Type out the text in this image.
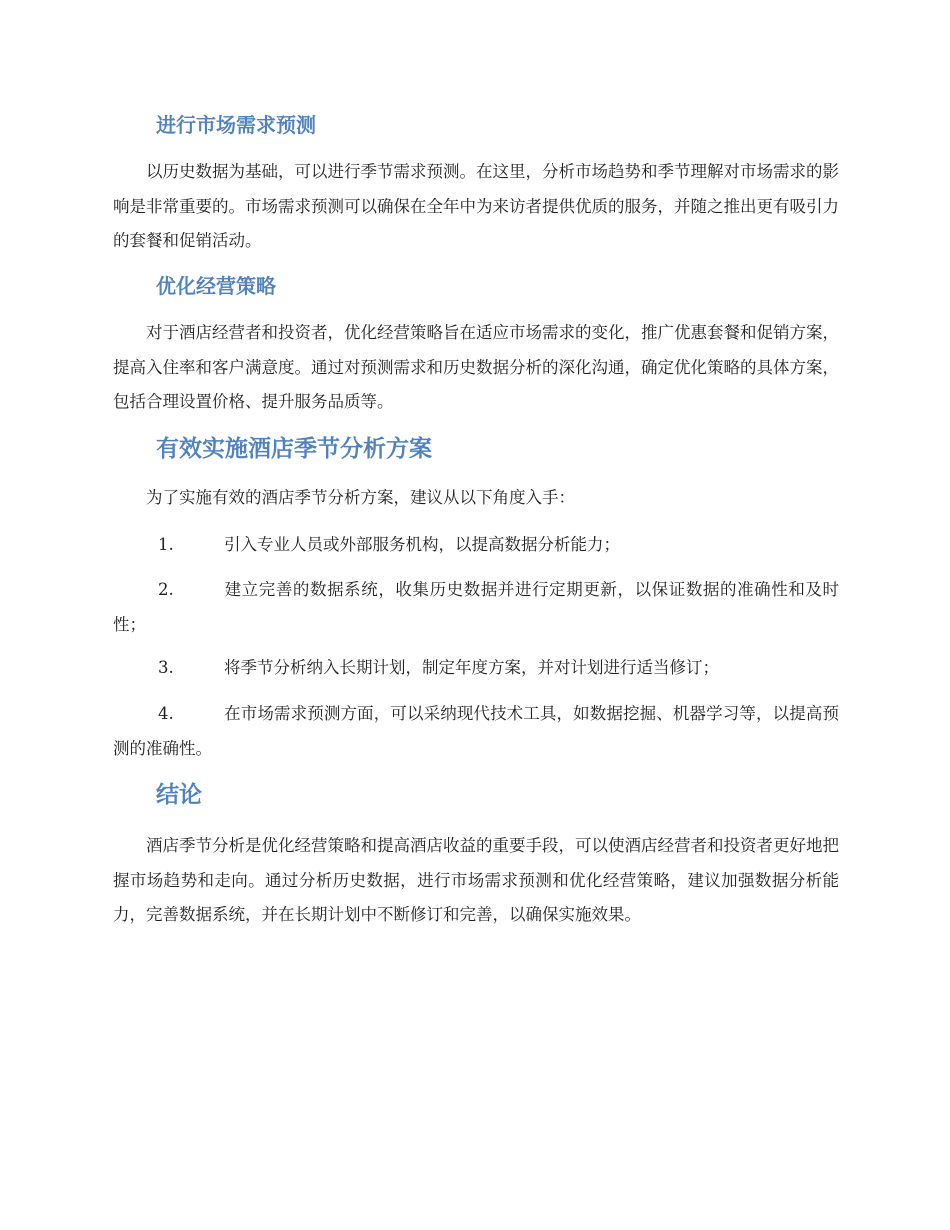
进行市场需求预测

以历史数据为基础，可以进行季节需求预测。在这里，分析市场趋势和季节理解对市场需求的影响是非常重要的。市场需求预测可以确保在全年中为来访者提供优质的服务，并随之推出更有吸引力的套餐和促销活动。

优化经营策略

对于酒店经营者和投资者，优化经营策略旨在适应市场需求的变化，推广优惠套餐和促销方案，提高入住率和客户满意度。通过对预测需求和历史数据分析的深化沟通，确定优化策略的具体方案，包括合理设置价格、提升服务品质等。

有效实施酒店季节分析方案

为了实施有效的酒店季节分析方案，建议从以下角度入手：

1.	引入专业人员或外部服务机构，以提高数据分析能力；
2.	建立完善的数据系统，收集历史数据并进行定期更新，以保证数据的准确性和及时性；
3.	将季节分析纳入长期计划，制定年度方案，并对计划进行适当修订；
4.	在市场需求预测方面，可以采纳现代技术工具，如数据挖掘、机器学习等，以提高预测的准确性。
结论

酒店季节分析是优化经营策略和提高酒店收益的重要手段，可以使酒店经营者和投资者更好地把握市场趋势和走向。通过分析历史数据，进行市场需求预测和优化经营策略，建议加强数据分析能力，完善数据系统，并在长期计划中不断修订和完善，以确保实施效果。
